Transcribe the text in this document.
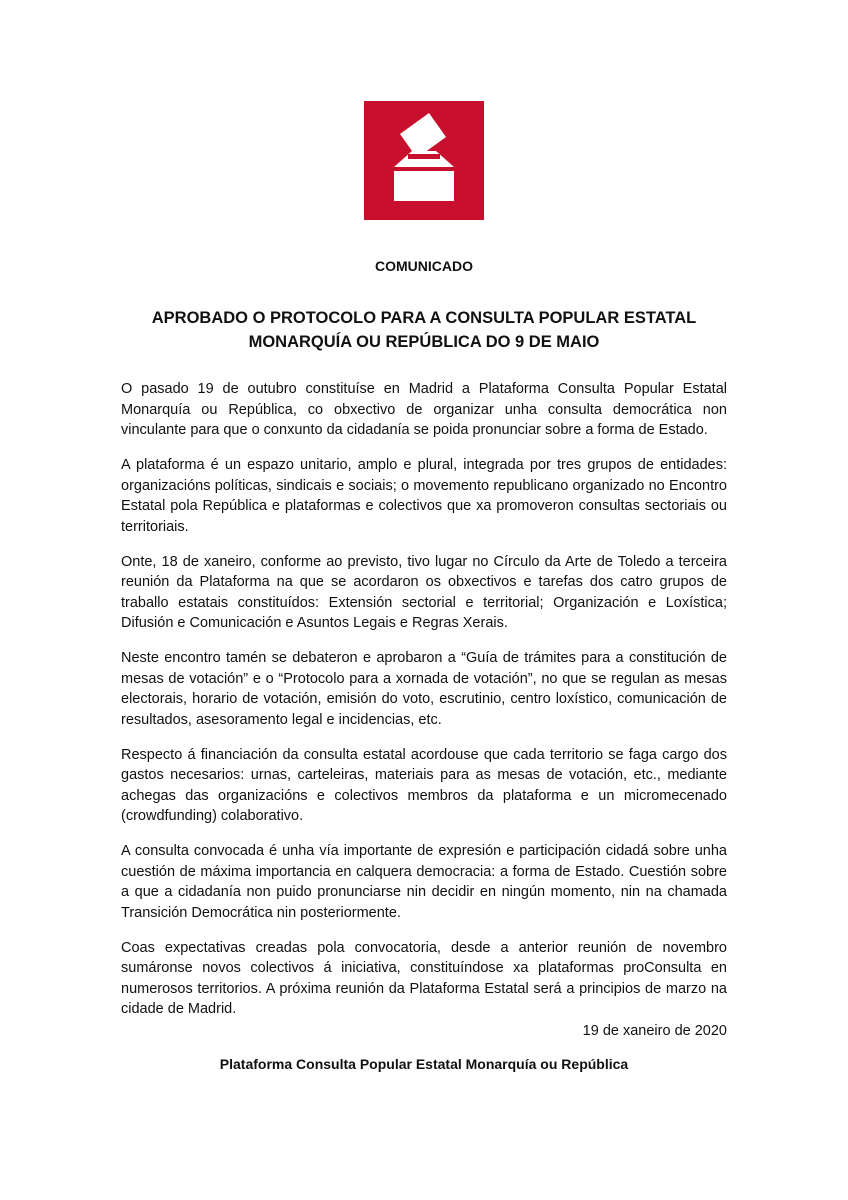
COMUNICADO
APROBADO O PROTOCOLO PARA A CONSULTA POPULAR ESTATAL
MONARQUÍA OU REPÚBLICA DO 9 DE MAIO

O pasado 19 de outubro constituíse en Madrid a Plataforma Consulta Popular Estatal Monarquía ou República, co obxectivo de organizar unha consulta democrática non vinculante para que o conxunto da cidadanía se poida pronunciar sobre a forma de Estado.

A plataforma é un espazo unitario, amplo e plural, integrada por tres grupos de entidades: organizacións políticas, sindicais e sociais; o movemento republicano organizado no Encontro Estatal pola República e plataformas e colectivos que xa promoveron consultas sectoriais ou territoriais.

Onte, 18 de xaneiro, conforme ao previsto, tivo lugar no Círculo da Arte de Toledo a terceira reunión da Plataforma na que se acordaron os obxectivos e tarefas dos catro grupos de traballo estatais constituídos: Extensión sectorial e territorial; Organización e Loxística; Difusión e Comunicación e Asuntos Legais e Regras Xerais.

Neste encontro tamén se debateron e aprobaron a “Guía de trámites para a constitución de mesas de votación” e o “Protocolo para a xornada de votación”, no que se regulan as mesas electorais, horario de votación, emisión do voto, escrutinio, centro loxístico, comunicación de resultados, asesoramento legal e incidencias, etc.

Respecto á financiación da consulta estatal acordouse que cada territorio se faga cargo dos gastos necesarios: urnas, carteleiras, materiais para as mesas de votación, etc., mediante achegas das organizacións e colectivos membros da plataforma e un micromecenado (crowdfunding) colaborativo.

A consulta convocada é unha vía importante de expresión e participación cidadá sobre unha cuestión de máxima importancia en calquera democracia: a forma de Estado. Cuestión sobre a que a cidadanía non puido pronunciarse nin decidir en ningún momento, nin na chamada Transición Democrática nin posteriormente.

Coas expectativas creadas pola convocatoria, desde a anterior reunión de novembro sumáronse novos colectivos á iniciativa, constituíndose xa plataformas proConsulta en numerosos territorios. A próxima reunión da Plataforma Estatal será a principios de marzo na cidade de Madrid.

19 de xaneiro de 2020
Plataforma Consulta Popular Estatal Monarquía ou República
